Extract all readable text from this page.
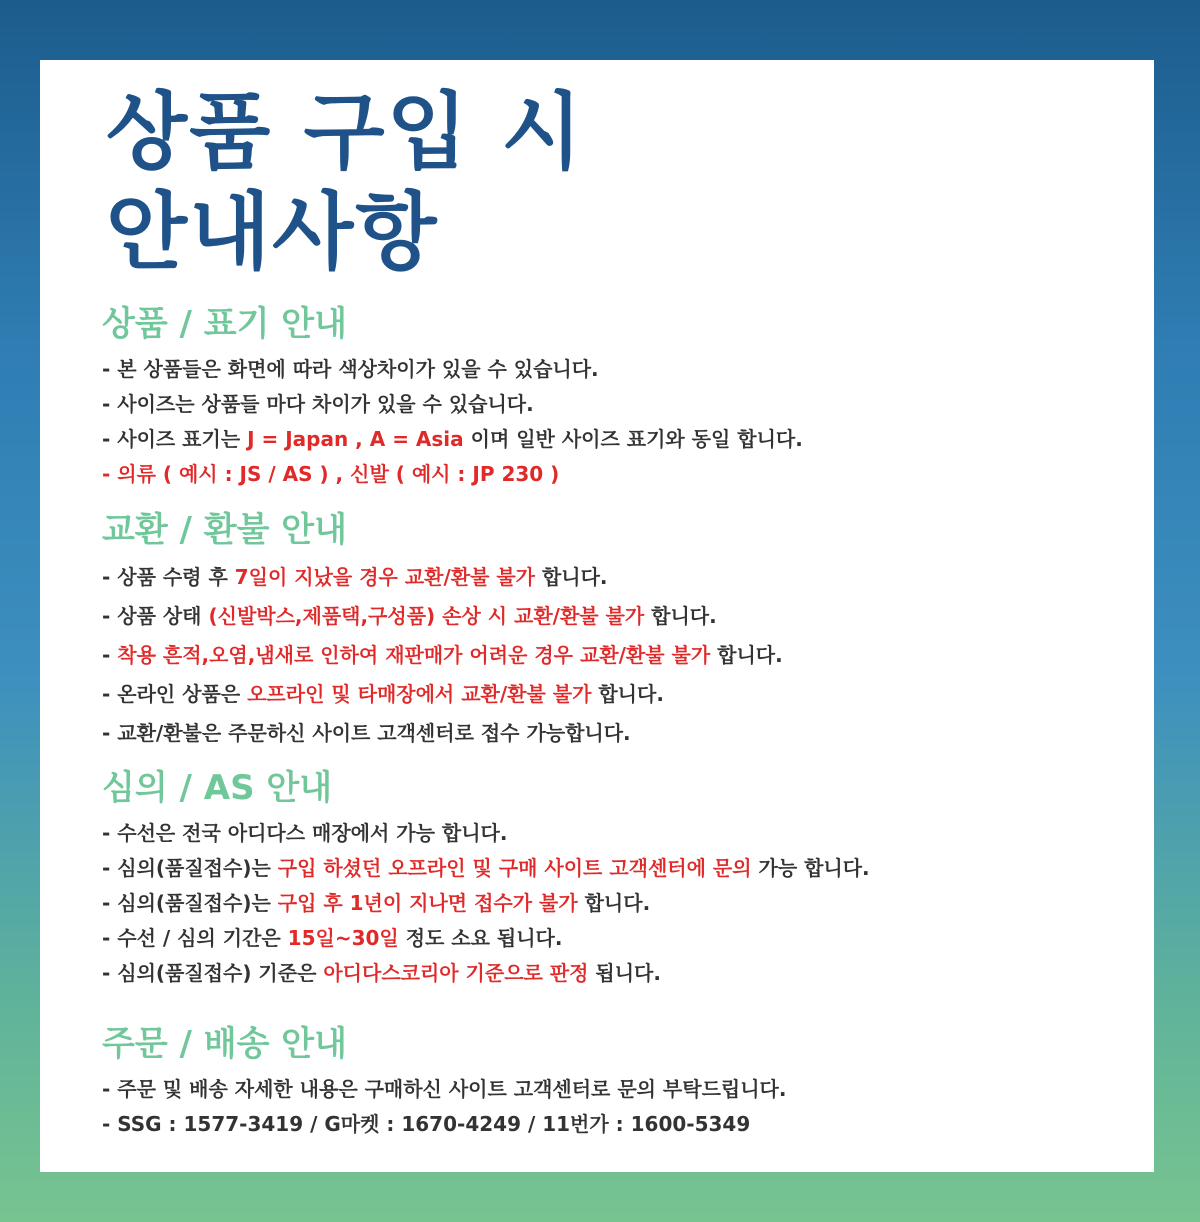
상품 구입 시
안내사항
상품 / 표기 안내
- 본 상품들은 화면에 따라 색상차이가 있을 수 있습니다.
- 사이즈는 상품들 마다 차이가 있을 수 있습니다.
- 사이즈 표기는 J = Japan , A = Asia 이며 일반 사이즈 표기와 동일 합니다.
- 의류 ( 예시 : JS / AS ) , 신발 ( 예시 : JP 230 )
교환 / 환불 안내
- 상품 수령 후 7일이 지났을 경우 교환/환불 불가 합니다.
- 상품 상태 (신발박스,제품택,구성품) 손상 시 교환/환불 불가 합니다.
- 착용 흔적,오염,냄새로 인하여 재판매가 어려운 경우 교환/환불 불가 합니다.
- 온라인 상품은 오프라인 및 타매장에서 교환/환불 불가 합니다.
- 교환/환불은 주문하신 사이트 고객센터로 접수 가능합니다.
심의 / AS 안내
- 수선은 전국 아디다스 매장에서 가능 합니다.
- 심의(품질접수)는 구입 하셨던 오프라인 및 구매 사이트 고객센터에 문의 가능 합니다.
- 심의(품질접수)는 구입 후 1년이 지나면 접수가 불가 합니다.
- 수선 / 심의 기간은 15일~30일 정도 소요 됩니다.
- 심의(품질접수) 기준은 아디다스코리아 기준으로 판정 됩니다.
주문 / 배송 안내
- 주문 및 배송 자세한 내용은 구매하신 사이트 고객센터로 문의 부탁드립니다.
- SSG : 1577-3419 / G마켓 : 1670-4249 / 11번가 : 1600-5349
